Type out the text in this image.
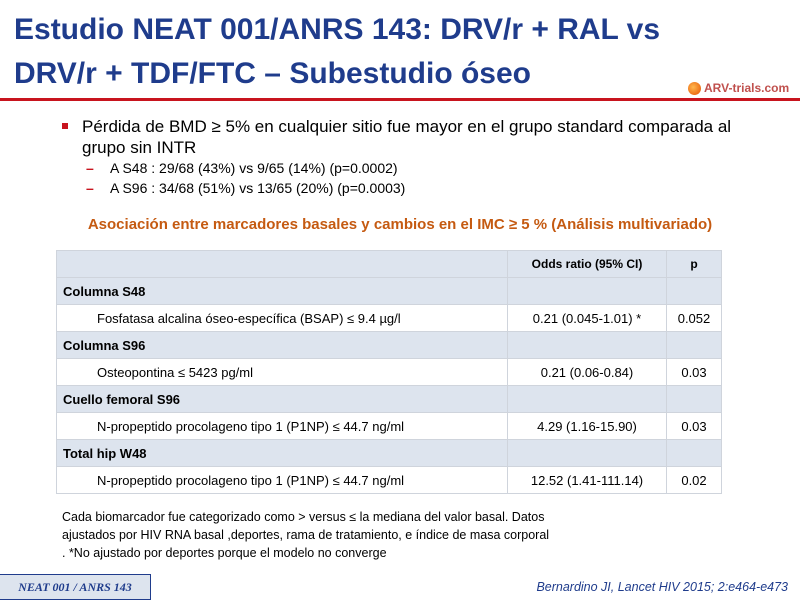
Estudio NEAT 001/ANRS 143: DRV/r + RAL vs
DRV/r + TDF/FTC – Subestudio óseo	ARV-trials.com
Pérdida de BMD ≥ 5% en cualquier sitio fue mayor en el grupo standard comparada al grupo sin INTR
–	A S48 : 29/68 (43%) vs 9/65 (14%) (p=0.0002)
–	A S96 : 34/68 (51%) vs 13/65 (20%) (p=0.0003)
Asociación entre marcadores basales y cambios en el IMC ≥ 5 % (Análisis multivariado)
	Odds ratio (95% CI)	p
Columna S48		
Fosfatasa alcalina óseo-específica (BSAP) ≤ 9.4 µg/l	0.21 (0.045-1.01) *	0.052
Columna S96		
Osteopontina ≤ 5423 pg/ml	0.21 (0.06-0.84)	0.03
Cuello femoral S96		
N-propeptido procolageno tipo 1 (P1NP) ≤ 44.7 ng/ml	4.29 (1.16-15.90)	0.03
Total hip W48		
N-propeptido procolageno tipo 1 (P1NP) ≤ 44.7 ng/ml	12.52 (1.41-111.14)	0.02
Cada biomarcador fue categorizado como > versus ≤ la mediana del valor basal. Datos
ajustados por HIV RNA basal ,deportes, rama de tratamiento, e índice de masa corporal
. *No ajustado por deportes porque el modelo no converge
NEAT 001 / ANRS 143	Bernardino JI, Lancet HIV 2015; 2:e464-e473
